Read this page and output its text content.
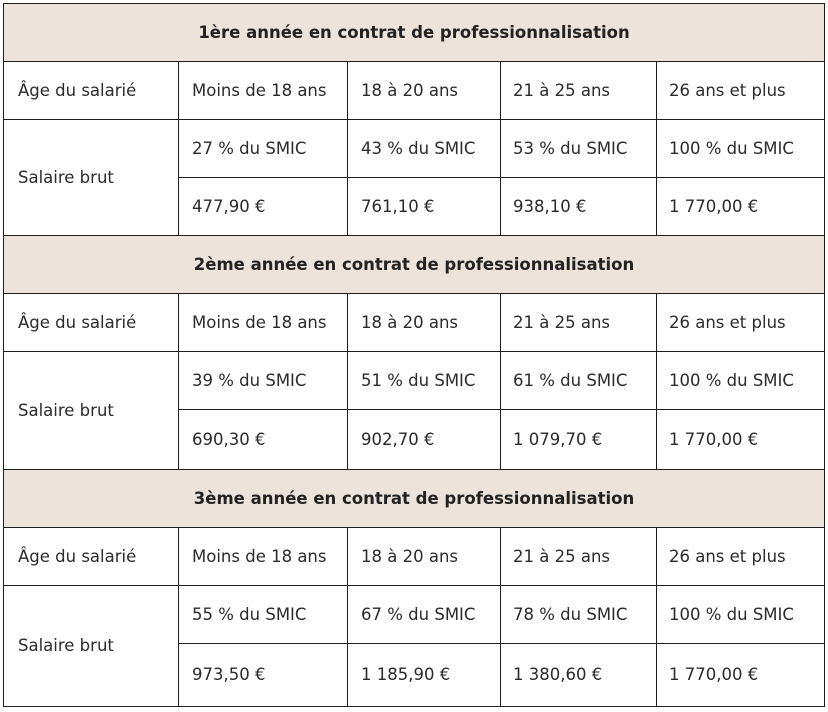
1ère année en contrat de professionnalisation				
Âge du salarié	Moins de 18 ans	18 à 20 ans	21 à 25 ans	26 ans et plus
Salaire brut	27 % du SMIC	43 % du SMIC	53 % du SMIC	100 % du SMIC
	477,90 €	761,10 €	938,10 €	1 770,00 €
2ème année en contrat de professionnalisation				
Âge du salarié	Moins de 18 ans	18 à 20 ans	21 à 25 ans	26 ans et plus
Salaire brut	39 % du SMIC	51 % du SMIC	61 % du SMIC	100 % du SMIC
	690,30 €	902,70 €	1 079,70 €	1 770,00 €
3ème année en contrat de professionnalisation				
Âge du salarié	Moins de 18 ans	18 à 20 ans	21 à 25 ans	26 ans et plus
Salaire brut	55 % du SMIC	67 % du SMIC	78 % du SMIC	100 % du SMIC
	973,50 €	1 185,90 €	1 380,60 €	1 770,00 €
